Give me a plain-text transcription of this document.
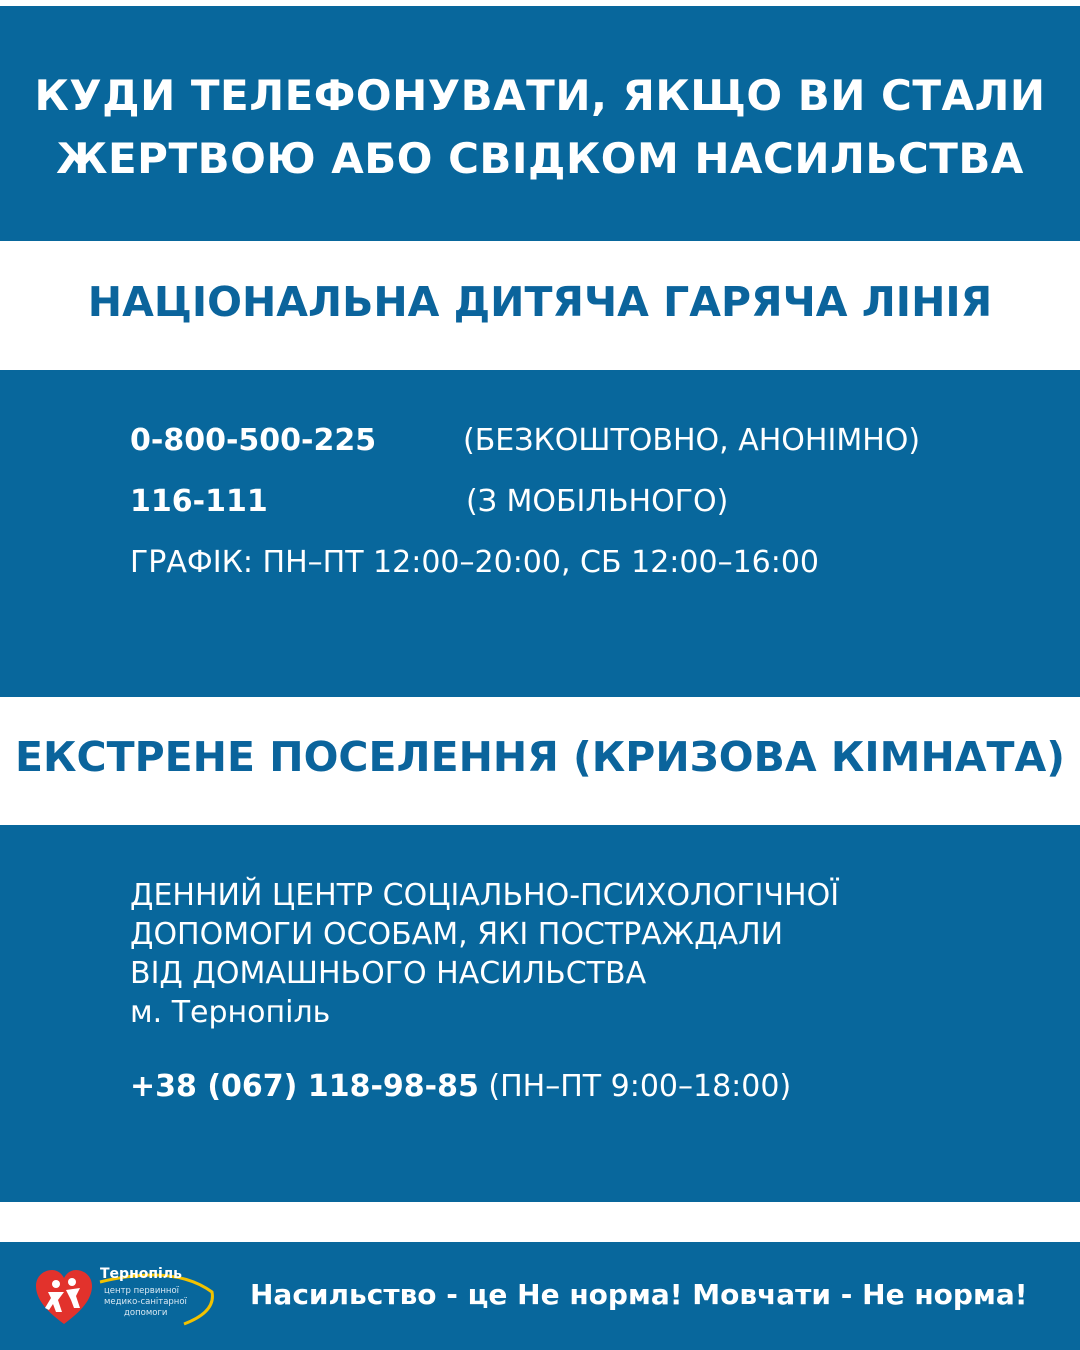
КУДИ ТЕЛЕФОНУВАТИ, ЯКЩО ВИ СТАЛИ
ЖЕРТВОЮ АБО СВІДКОМ НАСИЛЬСТВА
НАЦІОНАЛЬНА ДИТЯЧА ГАРЯЧА ЛІНІЯ
0-800-500-225	(БЕЗКОШТОВНО, АНОНІМНО)
116-111	(З МОБІЛЬНОГО)
ГРАФІК: ПН–ПТ 12:00–20:00, СБ 12:00–16:00
ЕКСТРЕНЕ ПОСЕЛЕННЯ (КРИЗОВА КІМНАТА)
ДЕННИЙ ЦЕНТР СОЦІАЛЬНО-ПСИХОЛОГІЧНОЇ
ДОПОМОГИ ОСОБАМ, ЯКІ ПОСТРАЖДАЛИ
ВІД ДОМАШНЬОГО НАСИЛЬСТВА
м. Тернопіль
+38 (067) 118-98-85 (ПН–ПТ 9:00–18:00)
Тернопіль
центр первинної
медико-санітарної
допомоги
Насильство - це Не норма! Мовчати - Не норма!
